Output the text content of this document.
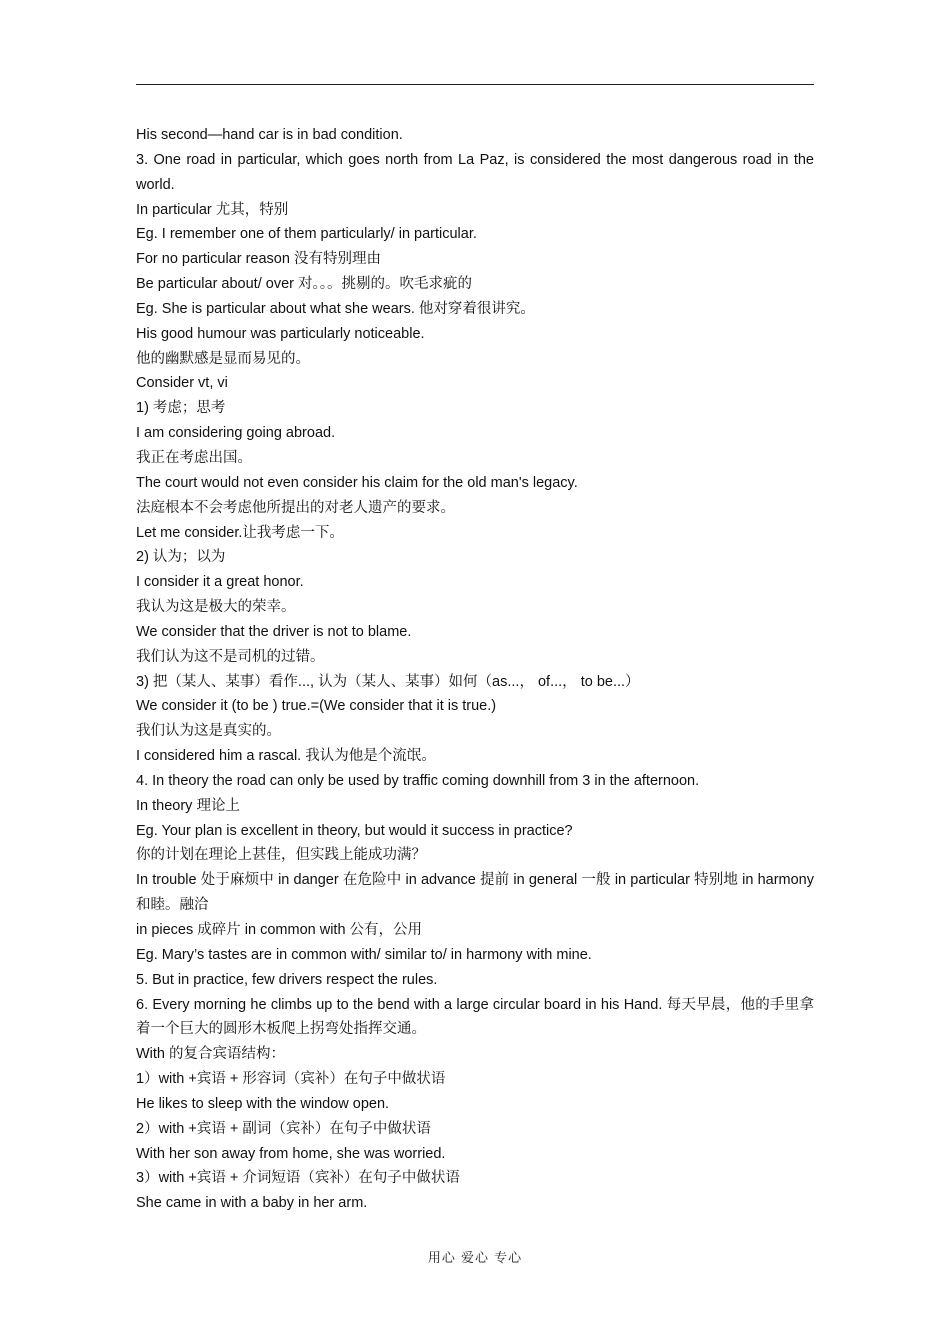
His second—hand car is in bad condition.
3. One road in particular, which goes north from La Paz, is considered the most dangerous road in the world.
In particular 尤其，特别
Eg. I remember one of them particularly/ in particular.
For no particular reason 没有特别理由
Be particular about/ over 对。。。挑剔的。吹毛求疵的
Eg. She is particular about what she wears. 他对穿着很讲究。
His good humour was particularly noticeable.
他的幽默感是显而易见的。
Consider vt, vi
1) 考虑；思考
I am considering going abroad.
我正在考虑出国。
The court would not even consider his claim for the old man's legacy.
法庭根本不会考虑他所提出的对老人遗产的要求。
Let me consider.让我考虑一下。
2) 认为；以为
I consider it a great honor.
我认为这是极大的荣幸。
We consider that the driver is not to blame.
我们认为这不是司机的过错。
3) 把（某人、某事）看作..., 认为（某人、某事）如何（as...， of...， to be...）
We consider it (to be ) true.=(We consider that it is true.)
我们认为这是真实的。
I considered him a rascal. 我认为他是个流氓。
4. In theory the road can only be used by traffic coming downhill from 3 in the afternoon.
In theory 理论上
Eg. Your plan is excellent in theory, but would it success in practice?
你的计划在理论上甚佳，但实践上能成功满？
In trouble 处于麻烦中 in danger 在危险中 in advance 提前 in general 一般 in particular 特别地 in harmony 和睦。融洽
in pieces 成碎片 in common with 公有，公用
Eg. Mary’s tastes are in common with/ similar to/ in harmony with mine.
5. But in practice, few drivers respect the rules.
6. Every morning he climbs up to the bend with a large circular board in his Hand. 每天早晨，他的手里拿着一个巨大的圆形木板爬上拐弯处指挥交通。
With 的复合宾语结构：
1）with +宾语 + 形容词（宾补）在句子中做状语
He likes to sleep with the window open.
2）with +宾语 + 副词（宾补）在句子中做状语
With her son away from home, she was worried.
3）with +宾语 + 介词短语（宾补）在句子中做状语
She came in with a baby in her arm.
用心 爱心 专心
